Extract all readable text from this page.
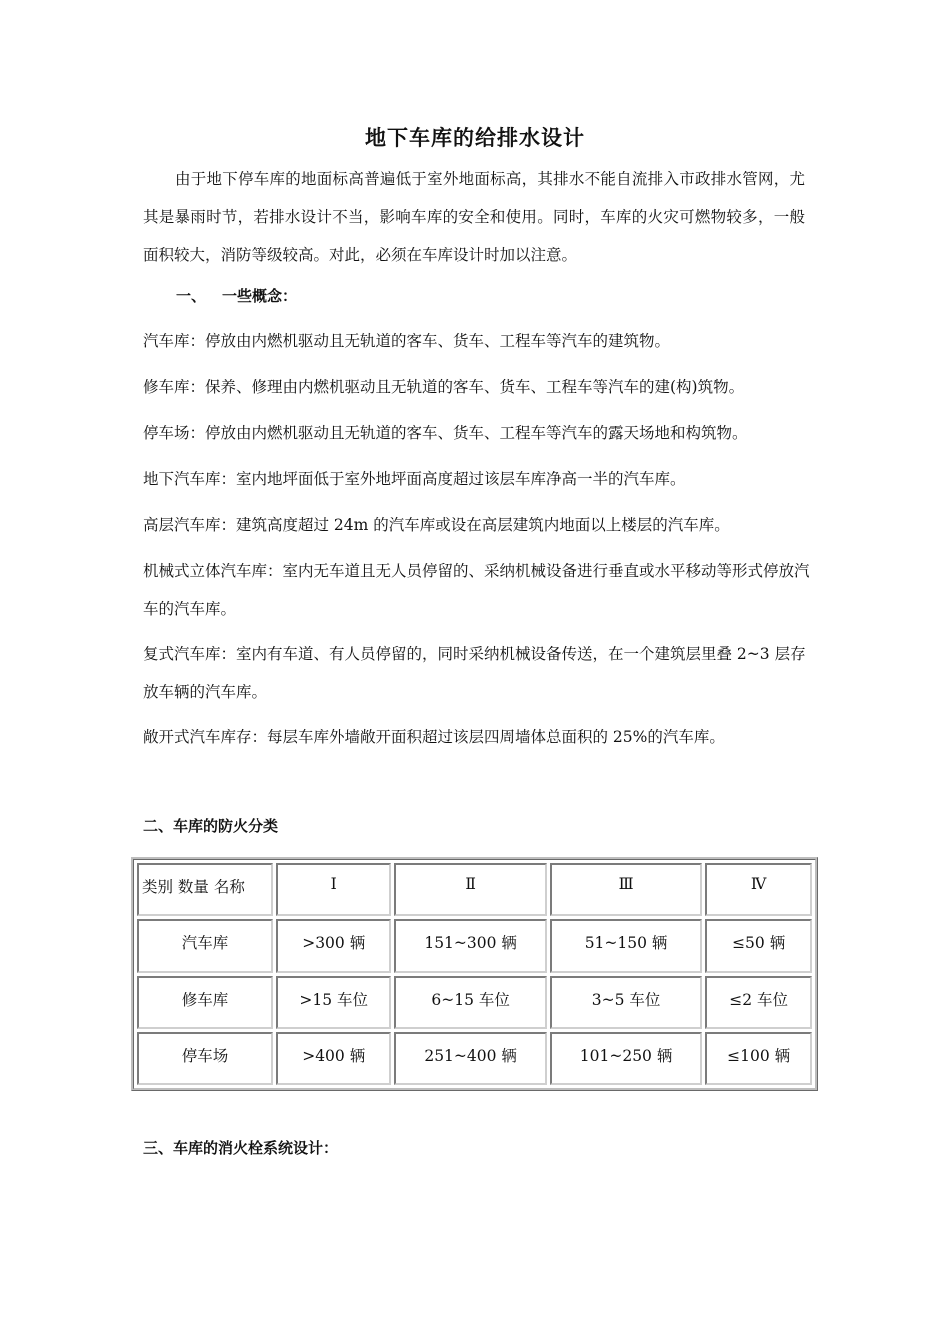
地下车库的给排水设计
由于地下停车库的地面标高普遍低于室外地面标高，其排水不能自流排入市政排水管网，尤其是暴雨时节，若排水设计不当，影响车库的安全和使用。同时，车库的火灾可燃物较多，一般面积较大，消防等级较高。对此，必须在车库设计时加以注意。
一、 一些概念：
汽车库：停放由内燃机驱动且无轨道的客车、货车、工程车等汽车的建筑物。
修车库：保养、修理由内燃机驱动且无轨道的客车、货车、工程车等汽车的建(构)筑物。
停车场：停放由内燃机驱动且无轨道的客车、货车、工程车等汽车的露天场地和构筑物。
地下汽车库：室内地坪面低于室外地坪面高度超过该层车库净高一半的汽车库。
高层汽车库：建筑高度超过 24m 的汽车库或设在高层建筑内地面以上楼层的汽车库。
机械式立体汽车库：室内无车道且无人员停留的、采纳机械设备进行垂直或水平移动等形式停放汽车的汽车库。
复式汽车库：室内有车道、有人员停留的，同时采纳机械设备传送，在一个建筑层里叠 2~3 层存放车辆的汽车库。
敞开式汽车库存：每层车库外墙敞开面积超过该层四周墙体总面积的 25%的汽车库。
二、车库的防火分类
类别 数量 名称	Ⅰ	Ⅱ	Ⅲ	Ⅳ
汽车库	>300 辆	151~300 辆	51~150 辆	≤50 辆
修车库	>15 车位	6~15 车位	3~5 车位	≤2 车位
停车场	>400 辆	251~400 辆	101~250 辆	≤100 辆
三、车库的消火栓系统设计：
